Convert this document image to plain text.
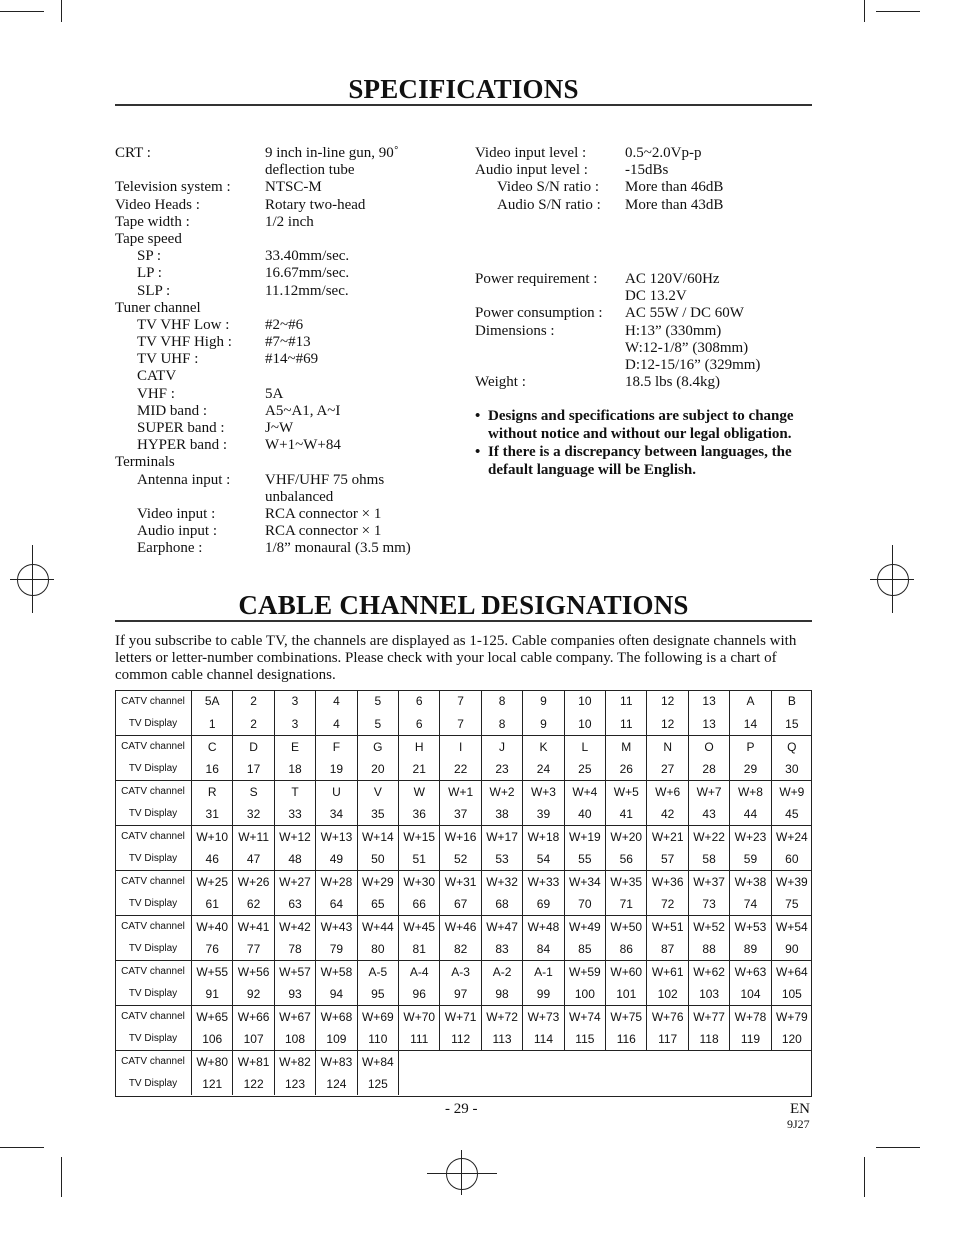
SPECIFICATIONS
CRT :	9 inch in-line gun, 90˚
deflection tube
Television system : NTSC-M
Video Heads :	Rotary two-head
Tape width :	1/2 inch
Tape speed
SP :	33.40mm/sec.
LP :	16.67mm/sec.
SLP :	11.12mm/sec.
Tuner channel
TV VHF Low : #2~#6
TV VHF High : #7~#13
TV UHF :	#14~#69
CATV
VHF :	5A
MID band :	A5~A1, A~I
SUPER band :	J~W
HYPER band :	W+1~W+84
Terminals
Antenna input : VHF/UHF 75 ohms
unbalanced
Video input :	RCA connector × 1
Audio input :	RCA connector × 1
Earphone :	1/8” monaural (3.5 mm)
Video input level :	0.5~2.0Vp-p
Audio input level : -15dBs
Video S/N ratio : More than 46dB
Audio S/N ratio : More than 43dB
Power requirement : AC 120V/60Hz
DC 13.2V
Power consumption : AC 55W / DC 60W
Dimensions :	H:13” (330mm)
W:12-1/8” (308mm)
D:12-15/16” (329mm)
Weight :	18.5 lbs (8.4kg)
• Designs and specifications are subject to change without notice and without our legal obligation.
• If there is a discrepancy between languages, the default language will be English.
CABLE CHANNEL DESIGNATIONS
If you subscribe to cable TV, the channels are displayed as 1-125. Cable companies often designate channels with letters or letter-number combinations. Please check with your local cable company. The following is a chart of common cable channel designations.
CATV channel	5A	2	3	4	5	6	7	8	9	10	11	12	13	A	B
TV Display	1	2	3	4	5	6	7	8	9	10	11	12	13	14	15
CATV channel	C	D	E	F	G	H	I	J	K	L	M	N	O	P	Q
TV Display	16	17	18	19	20	21	22	23	24	25	26	27	28	29	30
CATV channel	R	S	T	U	V	W	W+1	W+2	W+3	W+4	W+5	W+6	W+7	W+8	W+9
TV Display	31	32	33	34	35	36	37	38	39	40	41	42	43	44	45
CATV channel	W+10	W+11	W+12	W+13	W+14	W+15	W+16	W+17	W+18	W+19	W+20	W+21	W+22	W+23	W+24
TV Display	46	47	48	49	50	51	52	53	54	55	56	57	58	59	60
CATV channel	W+25	W+26	W+27	W+28	W+29	W+30	W+31	W+32	W+33	W+34	W+35	W+36	W+37	W+38	W+39
TV Display	61	62	63	64	65	66	67	68	69	70	71	72	73	74	75
CATV channel	W+40	W+41	W+42	W+43	W+44	W+45	W+46	W+47	W+48	W+49	W+50	W+51	W+52	W+53	W+54
TV Display	76	77	78	79	80	81	82	83	84	85	86	87	88	89	90
CATV channel	W+55	W+56	W+57	W+58	A-5	A-4	A-3	A-2	A-1	W+59	W+60	W+61	W+62	W+63	W+64
TV Display	91	92	93	94	95	96	97	98	99	100	101	102	103	104	105
CATV channel	W+65	W+66	W+67	W+68	W+69	W+70	W+71	W+72	W+73	W+74	W+75	W+76	W+77	W+78	W+79
TV Display	106	107	108	109	110	111	112	113	114	115	116	117	118	119	120
CATV channel	W+80	W+81	W+82	W+83	W+84										
TV Display	121	122	123	124	125										
- 29 -	EN
9J27
